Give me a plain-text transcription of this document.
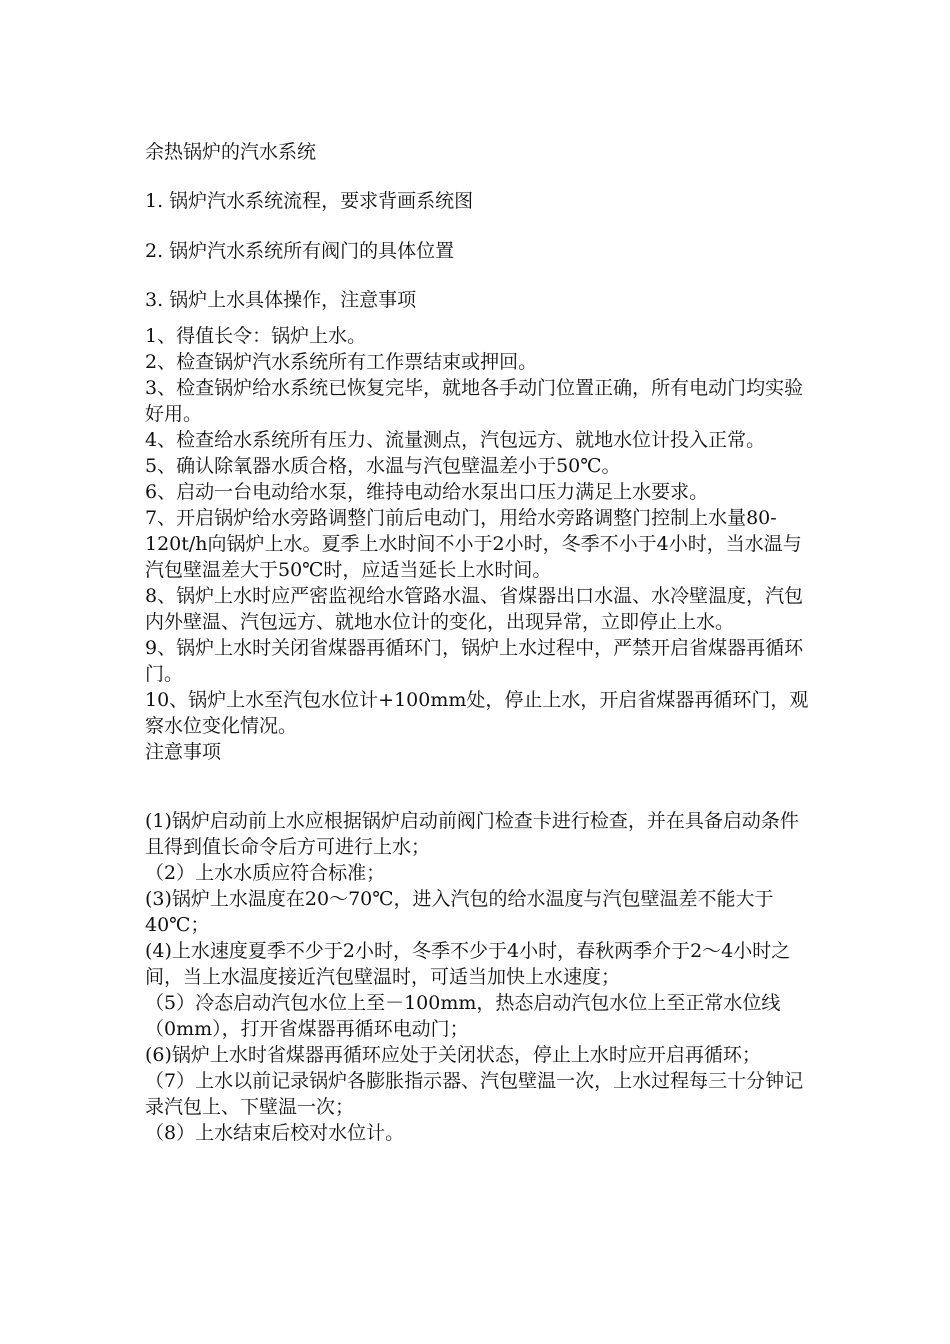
余热锅炉的汽水系统
1. 锅炉汽水系统流程，要求背画系统图
2. 锅炉汽水系统所有阀门的具体位置
3. 锅炉上水具体操作，注意事项

1、得值长令：锅炉上水。

2、检查锅炉汽水系统所有工作票结束或押回。

3、检查锅炉给水系统已恢复完毕，就地各手动门位置正确，所有电动门均实验好用。

4、检查给水系统所有压力、流量测点，汽包远方、就地水位计投入正常。

5、确认除氧器水质合格，水温与汽包壁温差小于50℃。

6、启动一台电动给水泵，维持电动给水泵出口压力满足上水要求。

7、开启锅炉给水旁路调整门前后电动门，用给水旁路调整门控制上水量80-120t/h向锅炉上水。夏季上水时间不小于2小时，冬季不小于4小时，当水温与汽包壁温差大于50℃时，应适当延长上水时间。

8、锅炉上水时应严密监视给水管路水温、省煤器出口水温、水冷壁温度，汽包内外壁温、汽包远方、就地水位计的变化，出现异常，立即停止上水。

9、锅炉上水时关闭省煤器再循环门，锅炉上水过程中，严禁开启省煤器再循环门。

10、锅炉上水至汽包水位计+100mm处，停止上水，开启省煤器再循环门，观察水位变化情况。

注意事项

(1)锅炉启动前上水应根据锅炉启动前阀门检查卡进行检查，并在具备启动条件且得到值长命令后方可进行上水；

（2）上水水质应符合标准；

(3)锅炉上水温度在20～70℃，进入汽包的给水温度与汽包壁温差不能大于40℃；

(4)上水速度夏季不少于2小时，冬季不少于4小时，春秋两季介于2～4小时之间，当上水温度接近汽包壁温时，可适当加快上水速度；

（5）冷态启动汽包水位上至－100mm，热态启动汽包水位上至正常水位线（0mm），打开省煤器再循环电动门；

(6)锅炉上水时省煤器再循环应处于关闭状态，停止上水时应开启再循环；

（7）上水以前记录锅炉各膨胀指示器、汽包壁温一次，上水过程每三十分钟记录汽包上、下壁温一次；

（8）上水结束后校对水位计。
